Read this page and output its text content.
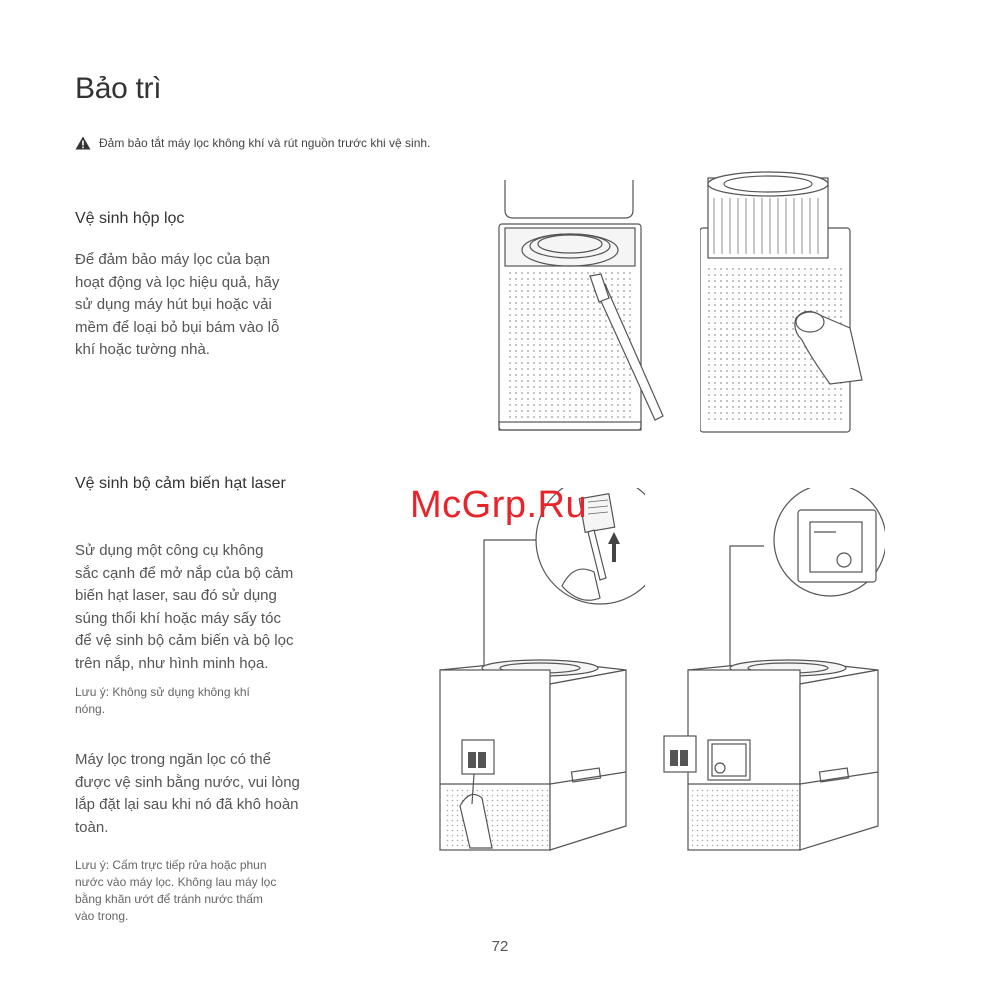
Bảo trì
Đảm bảo tắt máy lọc không khí và rút nguồn trước khi vệ sinh.
Vệ sinh hộp lọc
Để đảm bảo máy lọc của bạn
hoạt động và lọc hiệu quả, hãy
sử dụng máy hút bụi hoặc vải
mềm để loại bỏ bụi bám vào lỗ
khí hoặc tường nhà.
Vệ sinh bộ cảm biến hạt laser
Sử dụng một công cụ không
sắc cạnh để mở nắp của bộ cảm
biến hạt laser, sau đó sử dụng
súng thổi khí hoặc máy sấy tóc
để vệ sinh bộ cảm biến và bộ lọc
trên nắp, như hình minh họa.
Lưu ý: Không sử dụng không khí
nóng.
Máy lọc trong ngăn lọc có thể
được vệ sinh bằng nước, vui lòng
lắp đặt lại sau khi nó đã khô hoàn
toàn.
Lưu ý: Cấm trực tiếp rửa hoặc phun
nước vào máy lọc. Không lau máy lọc
bằng khăn ướt để tránh nước thấm
vào trong.
McGrp.Ru
72
